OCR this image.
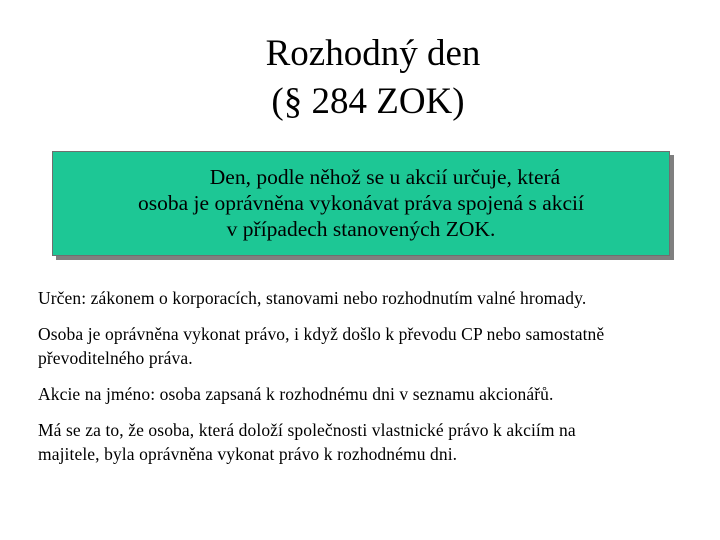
Rozhodný den
(§ 284 ZOK)
Den, podle něhož se u akcií určuje, která
osoba je oprávněna vykonávat práva spojená s akcií
v případech stanovených ZOK.

Určen: zákonem o korporacích, stanovami nebo rozhodnutím valné hromady.

Osoba je oprávněna vykonat právo, i když došlo k převodu CP nebo samostatně
převoditelného práva.

Akcie na jméno: osoba zapsaná k rozhodnému dni v seznamu akcionářů.

Má se za to, že osoba, která doloží společnosti vlastnické právo k akciím na
majitele, byla oprávněna vykonat právo k rozhodnému dni.
